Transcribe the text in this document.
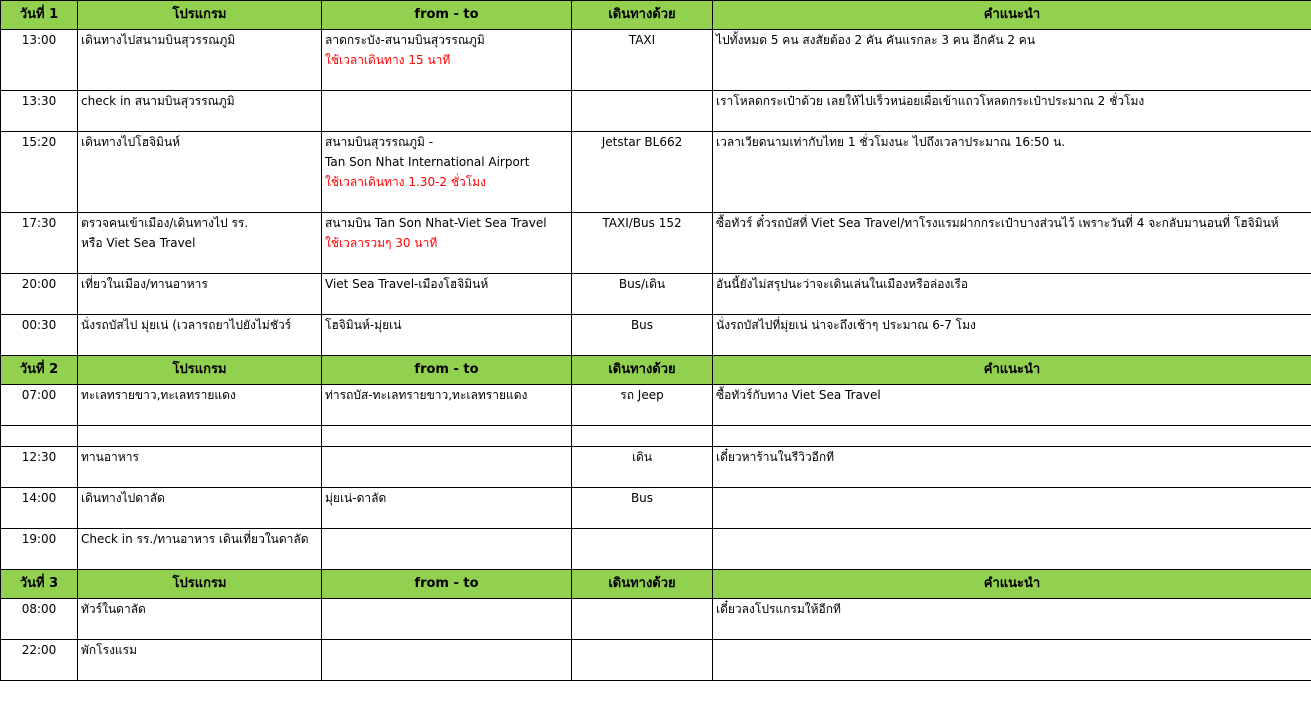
วันที่ 1	โปรแกรม	from - to	เดินทางด้วย	คำแนะนำ
13:00	เดินทางไปสนามบินสุวรรณภูมิ	ลาดกระบัง-สนามบินสุวรรณภูมิ	TAXI	ไปทั้งหมด 5 คน สงสัยต้อง 2 คัน คันแรกละ 3 คน อีกคัน 2 คน
		ใช้เวลาเดินทาง 15 นาที		

13:30	check in สนามบินสุวรรณภูมิ			เราโหลดกระเป๋าด้วย เลยให้ไปเร็วหน่อยเผื่อเข้าแถวโหลดกระเป๋าประมาณ 2 ชั่วโมง

15:20	เดินทางไปโฮจิมินห์	สนามบินสุวรรณภูมิ -	Jetstar BL662	เวลาเวียดนามเท่ากับไทย 1 ชั่วโมงนะ ไปถึงเวลาประมาณ 16:50 น.
		Tan Son Nhat International Airport		
		ใช้เวลาเดินทาง 1.30-2 ชั่วโมง		

17:30	ตรวจคนเข้าเมือง/เดินทางไป รร.	สนามบิน Tan Son Nhat-Viet Sea Travel	TAXI/Bus 152	ซื้อทัวร์ ตั๋วรถบัสที่ Viet Sea Travel/ทาโรงแรมฝากกระเป๋าบางส่วนไว้ เพราะวันที่ 4 จะกลับมานอนที่ โฮจิมินห์
	หรือ Viet Sea Travel	ใช้เวลารวมๆ 30 นาที		

20:00	เที่ยวในเมือง/ทานอาหาร	Viet Sea Travel-เมืองโฮจิมินห์	Bus/เดิน	อันนี้ยังไม่สรุปนะว่าจะเดินเล่นในเมืองหรือล่องเรือ

00:30	นั่งรถบัสไป มุ่ยเน่ (เวลารถยาไปยังไม่ชัวร์	โฮจิมินห์-มุ่ยเน่	Bus	นั่งรถบัสไปที่มุ่ยเน่ น่าจะถึงเช้าๆ ประมาณ 6-7 โมง

วันที่ 2	โปรแกรม	from - to	เดินทางด้วย	คำแนะนำ
07:00	ทะเลทรายขาว,ทะเลทรายแดง	ท่ารถบัส-ทะเลทรายขาว,ทะเลทรายแดง	รถ Jeep	ซื้อทัวร์กับทาง Viet Sea Travel

12:30	ทานอาหาร		เดิน	เดี๋ยวหาร้านในรีวิวอีกที

14:00	เดินทางไปดาลัด	มุ่ยเน่-ดาลัด	Bus	

19:00	Check in รร./ทานอาหาร เดินเที่ยวในดาลัด			

วันที่ 3	โปรแกรม	from - to	เดินทางด้วย	คำแนะนำ
08:00	ทัวร์ในดาลัด			เดี๋ยวลงโปรแกรมให้อีกที

22:00	พักโรงแรม			
